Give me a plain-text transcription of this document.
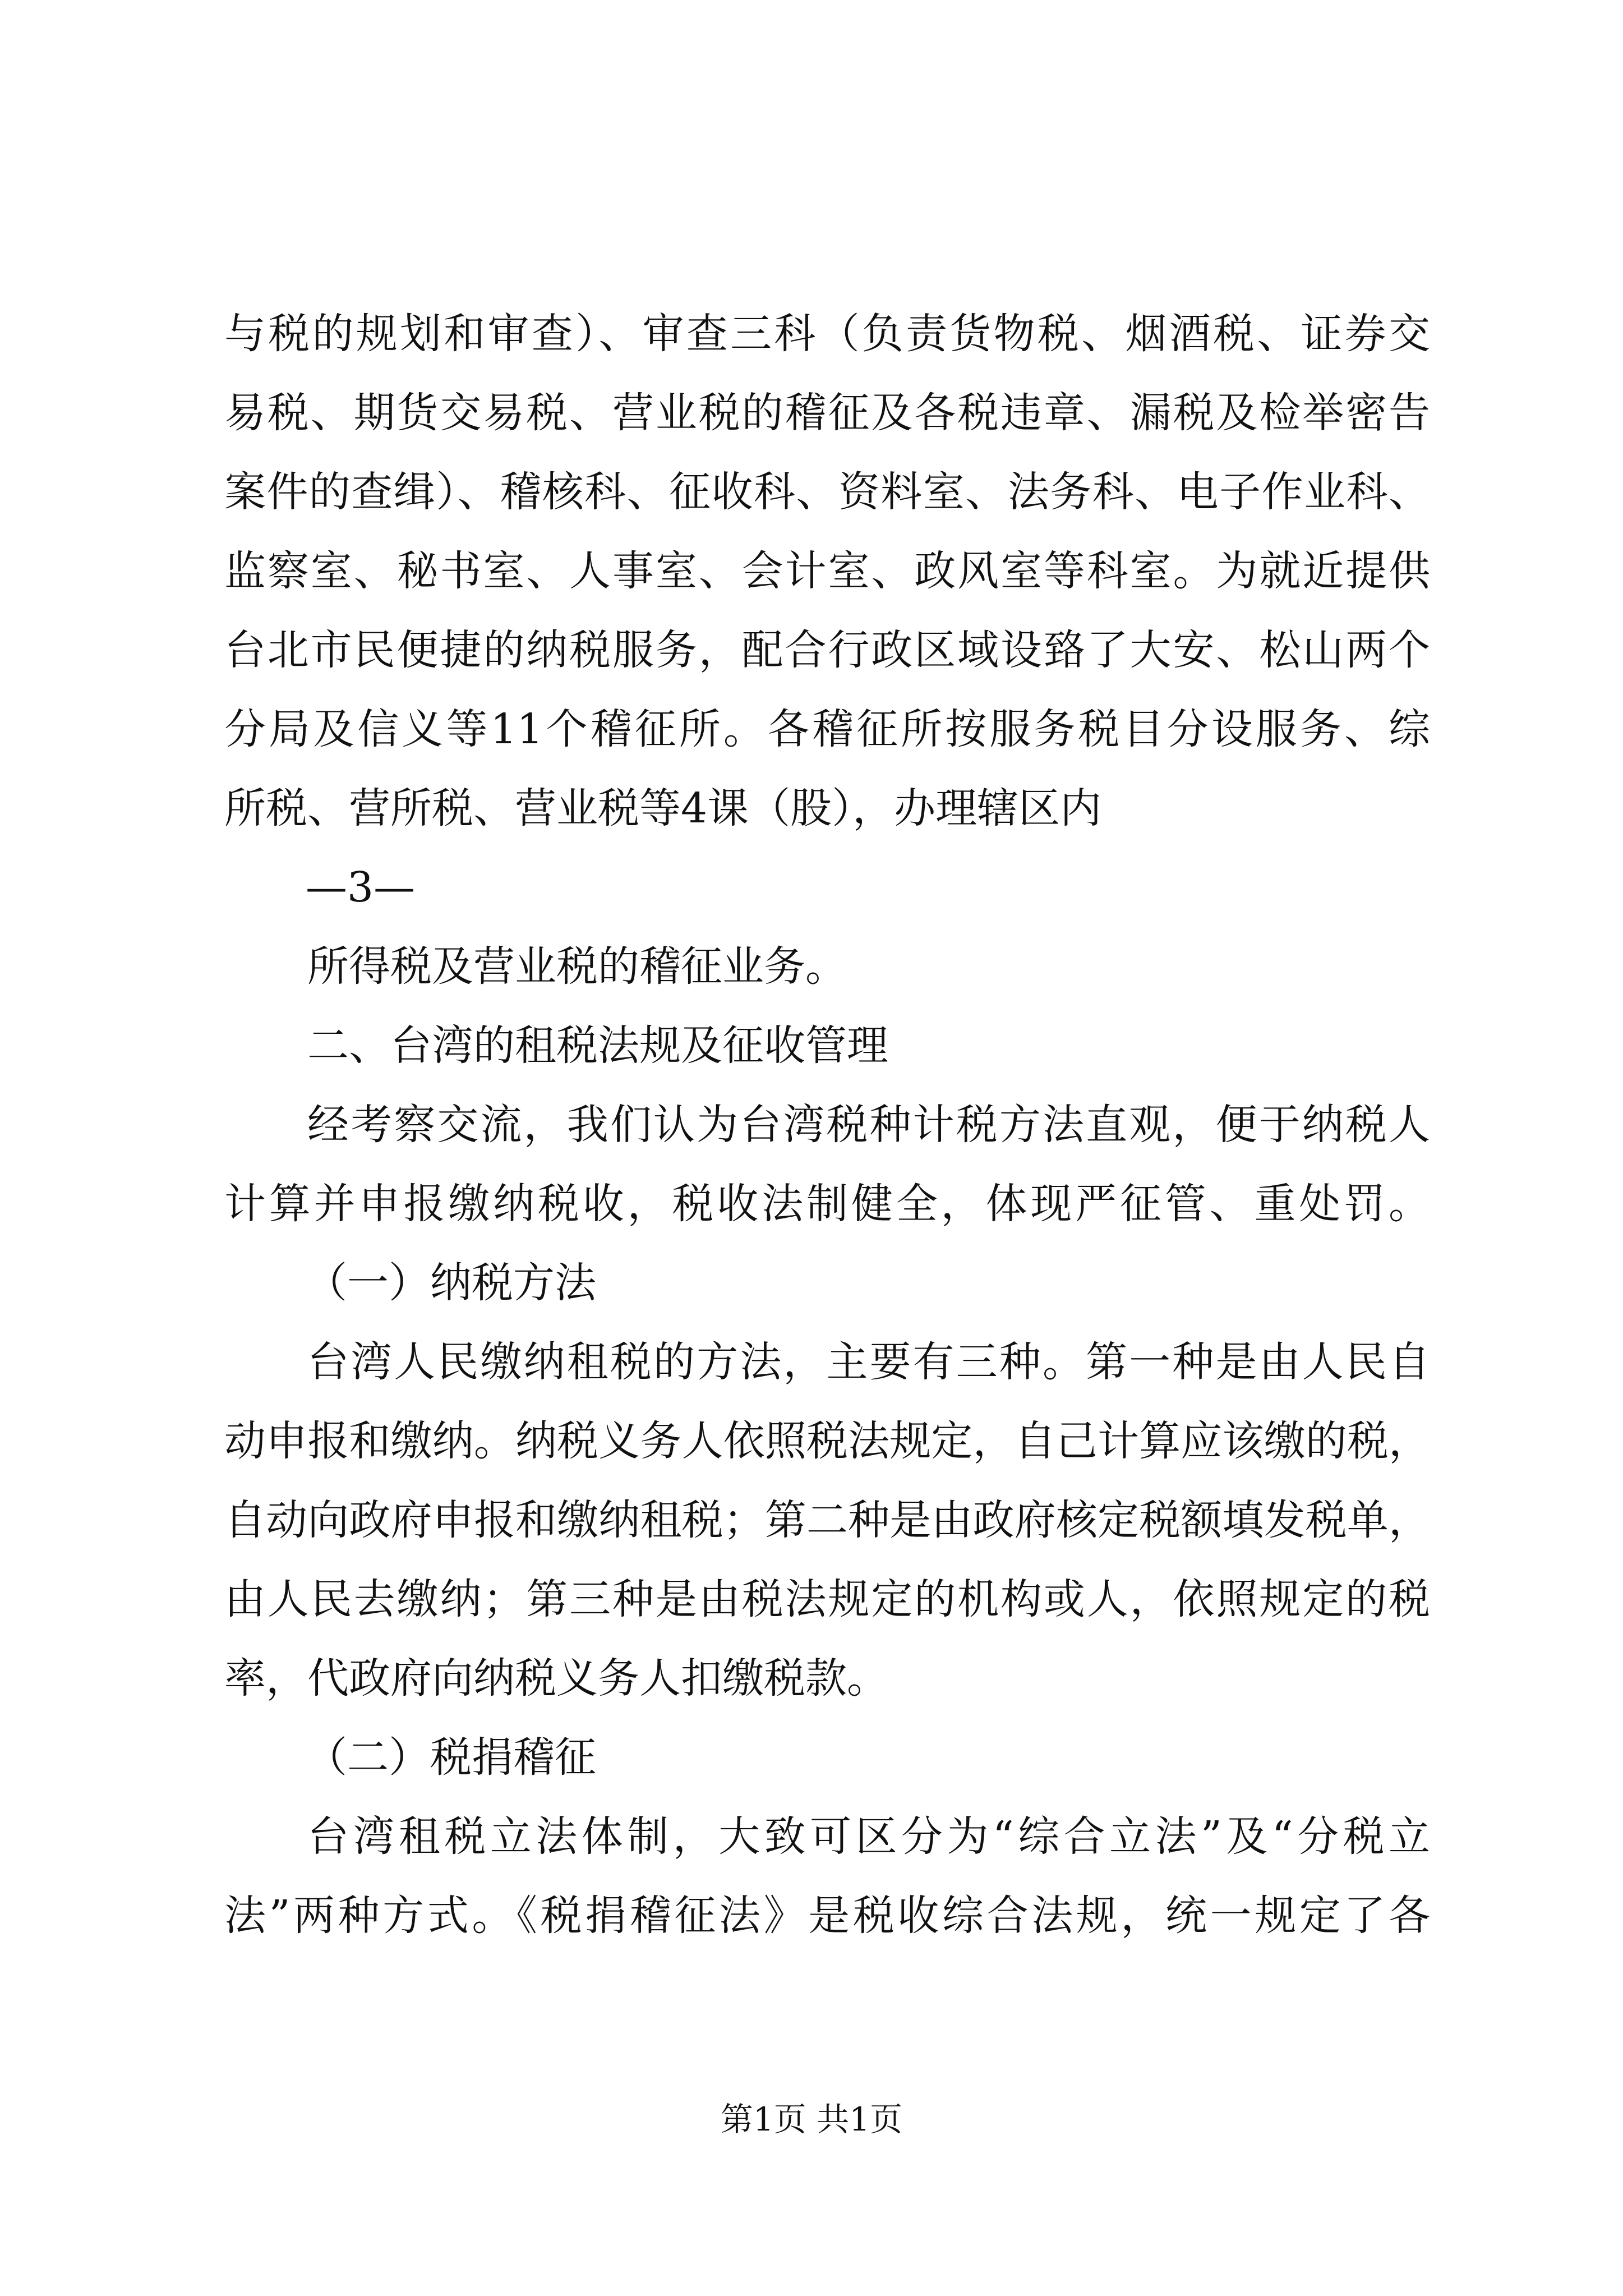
与税的规划和审查）、审查三科（负责货物税、烟酒税、证券交
易税、期货交易税、营业税的稽征及各税违章、漏税及检举密告
案件的查缉）、稽核科、征收科、资料室、法务科、电子作业科、
监察室、秘书室、人事室、会计室、政风室等科室。为就近提供
台北市民便捷的纳税服务，配合行政区域设臵了大安、松山两个
分局及信义等11个稽征所。各稽征所按服务税目分设服务、综
所税、营所税、营业税等4课（股），办理辖区内
—3—
所得税及营业税的稽征业务。
二、台湾的租税法规及征收管理
经考察交流，我们认为台湾税种计税方法直观，便于纳税人
计算并申报缴纳税收，税收法制健全，体现严征管、重处罚。
（一）纳税方法
台湾人民缴纳租税的方法，主要有三种。第一种是由人民自
动申报和缴纳。纳税义务人依照税法规定，自己计算应该缴的税，
自动向政府申报和缴纳租税；第二种是由政府核定税额填发税单，
由人民去缴纳；第三种是由税法规定的机构或人，依照规定的税
率，代政府向纳税义务人扣缴税款。
（二）税捐稽征
台湾租税立法体制，大致可区分为“综合立法”及“分税立
法”两种方式。《税捐稽征法》是税收综合法规，统一规定了各
第1页 共1页
